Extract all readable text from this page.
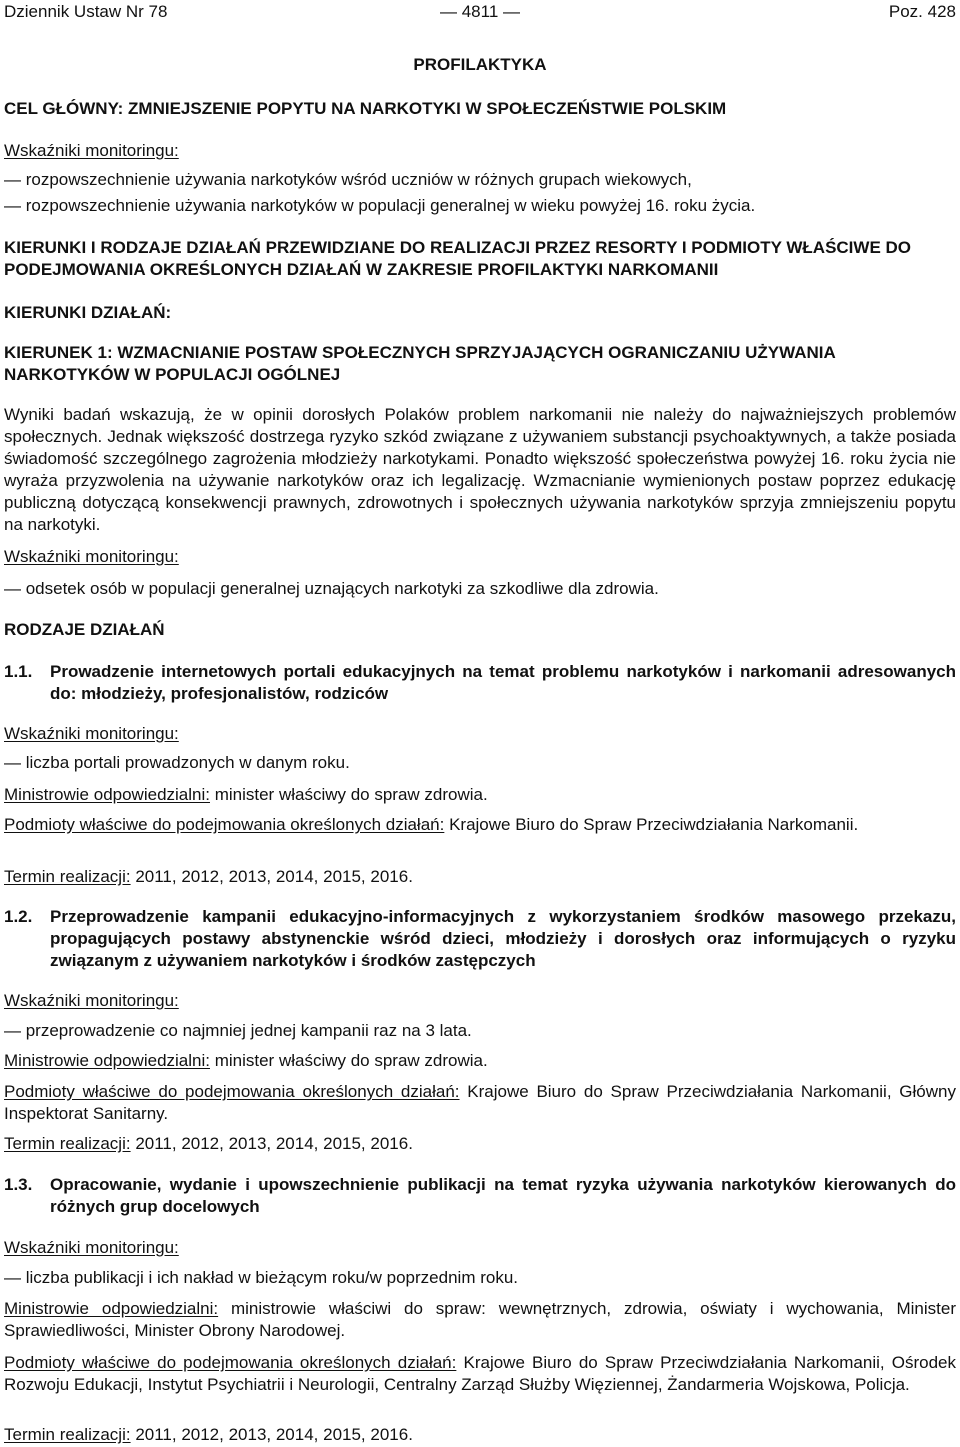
Dziennik Ustaw Nr 78	— 4811 —	Poz. 428
PROFILAKTYKA
CEL GŁÓWNY: ZMNIEJSZENIE POPYTU NA NARKOTYKI W SPOŁECZEŃSTWIE POLSKIM
Wskaźniki monitoringu:
— rozpowszechnienie używania narkotyków wśród uczniów w różnych grupach wiekowych,
— rozpowszechnienie używania narkotyków w populacji generalnej w wieku powyżej 16. roku życia.
KIERUNKI I RODZAJE DZIAŁAŃ PRZEWIDZIANE DO REALIZACJI PRZEZ RESORTY I PODMIOTY WŁAŚCIWE DO PODEJMOWANIA OKREŚLONYCH DZIAŁAŃ W ZAKRESIE PROFILAKTYKI NARKOMANII
KIERUNKI DZIAŁAŃ:
KIERUNEK 1: WZMACNIANIE POSTAW SPOŁECZNYCH SPRZYJAJĄCYCH OGRANICZANIU UŻYWANIA NARKOTYKÓW W POPULACJI OGÓLNEJ
Wyniki badań wskazują, że w opinii dorosłych Polaków problem narkomanii nie należy do najważniejszych problemów społecznych. Jednak większość dostrzega ryzyko szkód związane z używaniem substancji psychoaktywnych, a także posiada świadomość szczególnego zagrożenia młodzieży narkotykami. Ponadto większość społeczeństwa powyżej 16. roku życia nie wyraża przyzwolenia na używanie narkotyków oraz ich legalizację. Wzmacnianie wymienionych postaw poprzez edukację publiczną dotyczącą konsekwencji prawnych, zdrowotnych i społecznych używania narkotyków sprzyja zmniejszeniu popytu na narkotyki.
Wskaźniki monitoringu:
— odsetek osób w populacji generalnej uznających narkotyki za szkodliwe dla zdrowia.
RODZAJE DZIAŁAŃ
1.1.	Prowadzenie internetowych portali edukacyjnych na temat problemu narkotyków i narkomanii adresowanych do: młodzieży, profesjonalistów, rodziców
Wskaźniki monitoringu:
— liczba portali prowadzonych w danym roku.
Ministrowie odpowiedzialni: minister właściwy do spraw zdrowia.
Podmioty właściwe do podejmowania określonych działań: Krajowe Biuro do Spraw Przeciwdziałania Narkomanii.
Termin realizacji: 2011, 2012, 2013, 2014, 2015, 2016.
1.2.	Przeprowadzenie kampanii edukacyjno-informacyjnych z wykorzystaniem środków masowego przekazu, propagujących postawy abstynenckie wśród dzieci, młodzieży i dorosłych oraz informujących o ryzyku związanym z używaniem narkotyków i środków zastępczych
Wskaźniki monitoringu:
— przeprowadzenie co najmniej jednej kampanii raz na 3 lata.
Ministrowie odpowiedzialni: minister właściwy do spraw zdrowia.
Podmioty właściwe do podejmowania określonych działań: Krajowe Biuro do Spraw Przeciwdziałania Narkomanii, Główny Inspektorat Sanitarny.
Termin realizacji: 2011, 2012, 2013, 2014, 2015, 2016.
1.3.	Opracowanie, wydanie i upowszechnienie publikacji na temat ryzyka używania narkotyków kierowanych do różnych grup docelowych
Wskaźniki monitoringu:
— liczba publikacji i ich nakład w bieżącym roku/w poprzednim roku.
Ministrowie odpowiedzialni: ministrowie właściwi do spraw: wewnętrznych, zdrowia, oświaty i wychowania, Minister Sprawiedliwości, Minister Obrony Narodowej.
Podmioty właściwe do podejmowania określonych działań: Krajowe Biuro do Spraw Przeciwdziałania Narkomanii, Ośrodek Rozwoju Edukacji, Instytut Psychiatrii i Neurologii, Centralny Zarząd Służby Więziennej, Żandarmeria Wojskowa, Policja.
Termin realizacji: 2011, 2012, 2013, 2014, 2015, 2016.
